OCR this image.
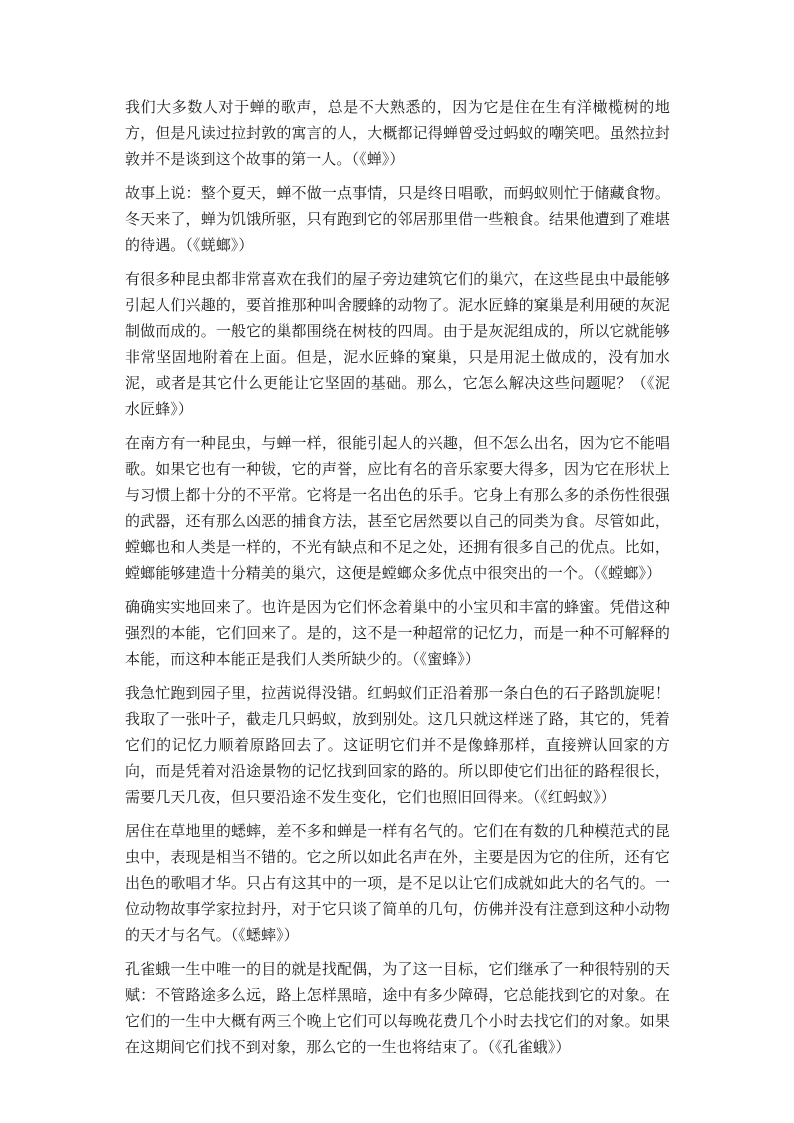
我们大多数人对于蝉的歌声，总是不大熟悉的，因为它是住在生有洋橄榄树的地方，但是凡读过拉封敦的寓言的人，大概都记得蝉曾受过蚂蚁的嘲笑吧。虽然拉封敦并不是谈到这个故事的第一人。（《蝉》）

故事上说：整个夏天，蝉不做一点事情，只是终日唱歌，而蚂蚁则忙于储藏食物。冬天来了，蝉为饥饿所驱，只有跑到它的邻居那里借一些粮食。结果他遭到了难堪的待遇。（《蜣螂》）

有很多种昆虫都非常喜欢在我们的屋子旁边建筑它们的巢穴，在这些昆虫中最能够引起人们兴趣的，要首推那种叫舍腰蜂的动物了。泥水匠蜂的窠巢是利用硬的灰泥制做而成的。一般它的巢都围绕在树枝的四周。由于是灰泥组成的，所以它就能够非常坚固地附着在上面。但是，泥水匠蜂的窠巢，只是用泥土做成的，没有加水泥，或者是其它什么更能让它坚固的基础。那么，它怎么解决这些问题呢？（《泥水匠蜂》）

在南方有一种昆虫，与蝉一样，很能引起人的兴趣，但不怎么出名，因为它不能唱歌。如果它也有一种钹，它的声誉，应比有名的音乐家要大得多，因为它在形状上与习惯上都十分的不平常。它将是一名出色的乐手。它身上有那么多的杀伤性很强的武器，还有那么凶恶的捕食方法，甚至它居然要以自己的同类为食。尽管如此，螳螂也和人类是一样的，不光有缺点和不足之处，还拥有很多自己的优点。比如，螳螂能够建造十分精美的巢穴，这便是螳螂众多优点中很突出的一个。（《螳螂》）

确确实实地回来了。也许是因为它们怀念着巢中的小宝贝和丰富的蜂蜜。凭借这种强烈的本能，它们回来了。是的，这不是一种超常的记忆力，而是一种不可解释的本能，而这种本能正是我们人类所缺少的。（《蜜蜂》）

我急忙跑到园子里，拉茜说得没错。红蚂蚁们正沿着那一条白色的石子路凯旋呢！我取了一张叶子，截走几只蚂蚁，放到别处。这几只就这样迷了路，其它的，凭着它们的记忆力顺着原路回去了。这证明它们并不是像蜂那样，直接辨认回家的方向，而是凭着对沿途景物的记忆找到回家的路的。所以即使它们出征的路程很长，需要几天几夜，但只要沿途不发生变化，它们也照旧回得来。（《红蚂蚁》）

居住在草地里的蟋蟀，差不多和蝉是一样有名气的。它们在有数的几种模范式的昆虫中，表现是相当不错的。它之所以如此名声在外，主要是因为它的住所，还有它出色的歌唱才华。只占有这其中的一项，是不足以让它们成就如此大的名气的。一位动物故事学家拉封丹，对于它只谈了简单的几句，仿佛并没有注意到这种小动物的天才与名气。（《蟋蟀》）

孔雀蛾一生中唯一的目的就是找配偶，为了这一目标，它们继承了一种很特别的天赋：不管路途多么远，路上怎样黑暗，途中有多少障碍，它总能找到它的对象。在它们的一生中大概有两三个晚上它们可以每晚花费几个小时去找它们的对象。如果在这期间它们找不到对象，那么它的一生也将结束了。（《孔雀蛾》）
